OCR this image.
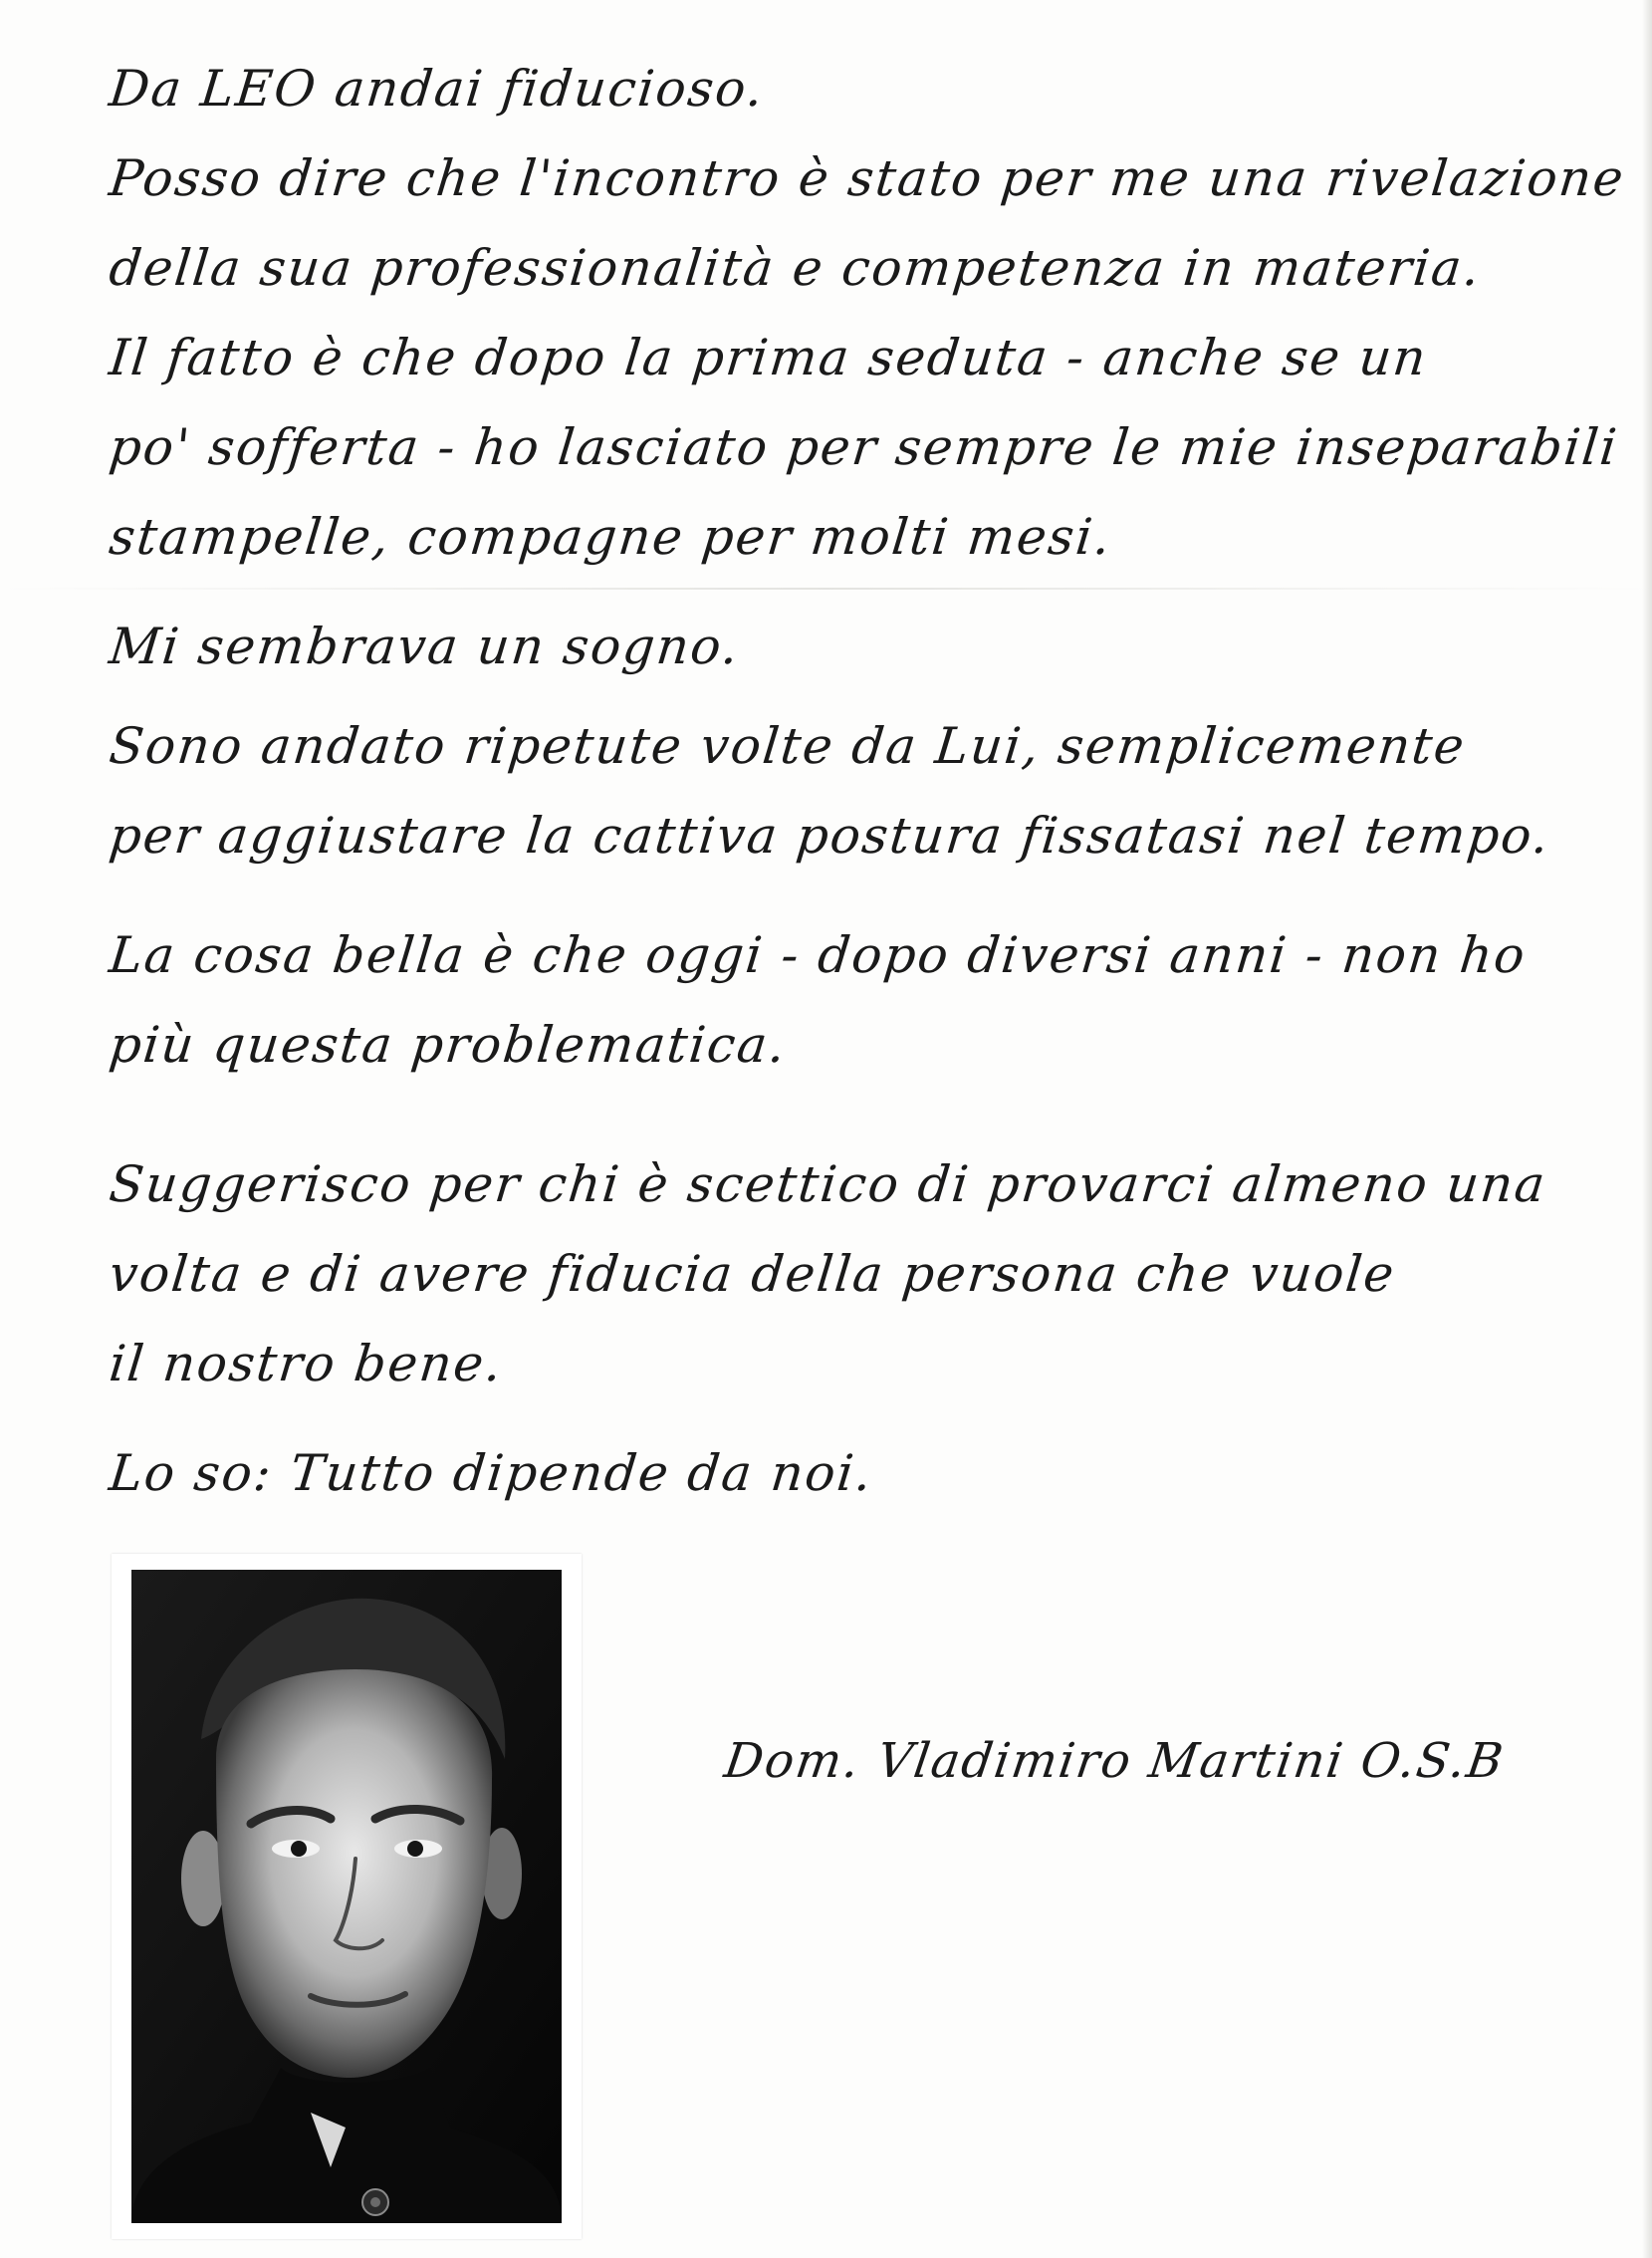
Da LEO andai fiducioso.
Posso dire che l'incontro è stato per me una rivelazione
della sua professionalità e competenza in materia.
Il fatto è che dopo la prima seduta - anche se un
po' sofferta - ho lasciato per sempre le mie inseparabili
stampelle, compagne per molti mesi.
Mi sembrava un sogno.
Sono andato ripetute volte da Lui, semplicemente
per aggiustare la cattiva postura fissatasi nel tempo.
La cosa bella è che oggi - dopo diversi anni - non ho
più questa problematica.
Suggerisco per chi è scettico di provarci almeno una
volta e di avere fiducia della persona che vuole
il nostro bene.
Lo so: Tutto dipende da noi.
Dom. Vladimiro Martini O.S.B
